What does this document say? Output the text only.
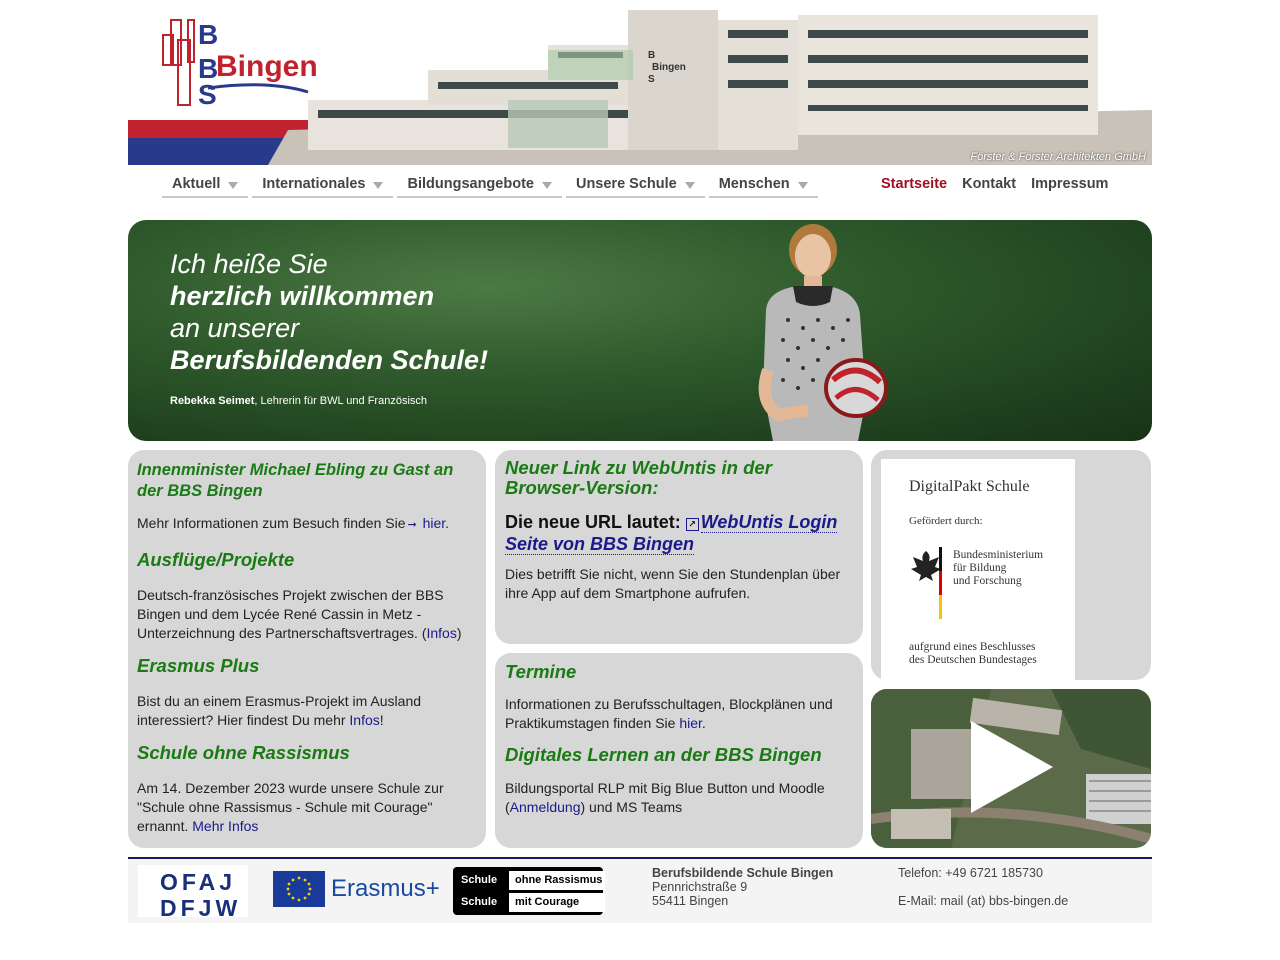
B
Bingen
S
B
B
S
Bingen
Förster & Förster Architekten GmbH
Aktuell	Internationales	Bildungsangebote	Unsere Schule	Menschen	Startseite Kontakt Impressum
Ich heiße Sie
herzlich willkommen
an unserer
Berufsbildenden Schule!
Rebekka Seimet, Lehrerin für BWL und Französisch
Innenminister Michael Ebling zu Gast an der BBS Bingen

Mehr Informationen zum Besuch finden Sie ➞ hier.

Ausflüge/Projekte

Deutsch-französisches Projekt zwischen der BBS Bingen und dem Lycée René Cassin in Metz - Unterzeichnung des Partnerschaftsvertrages. (Infos)

Erasmus Plus

Bist du an einem Erasmus-Projekt im Ausland interessiert? Hier findest Du mehr Infos!

Schule ohne Rassismus

Am 14. Dezember 2023 wurde unsere Schule zur "Schule ohne Rassismus - Schule mit Courage" ernannt. Mehr Infos

Neuer Link zu WebUntis in der Browser-Version:
Die neue URL lautet: ↗ WebUntis Login Seite von BBS Bingen

Dies betrifft Sie nicht, wenn Sie den Stundenplan über ihre App auf dem Smartphone aufrufen.

Termine

Informationen zu Berufsschultagen, Blockplänen und Praktikumstagen finden Sie hier.

Digitales Lernen an der BBS Bingen

Bildungsportal RLP mit Big Blue Button und Moodle (Anmeldung) und MS Teams

DigitalPakt Schule
Gefördert durch:
Bundesministerium
für Bildung
und Forschung
aufgrund eines Beschlusses
des Deutschen Bundestages
OFAJ
DFJW
Erasmus+	Schule	ohne Rassismus
Schule	mit Courage
Berufsbildende Schule Bingen
Pennrichstraße 9
55411 Bingen
Telefon: +49 6721 185730
E-Mail: mail (at) bbs-bingen.de
